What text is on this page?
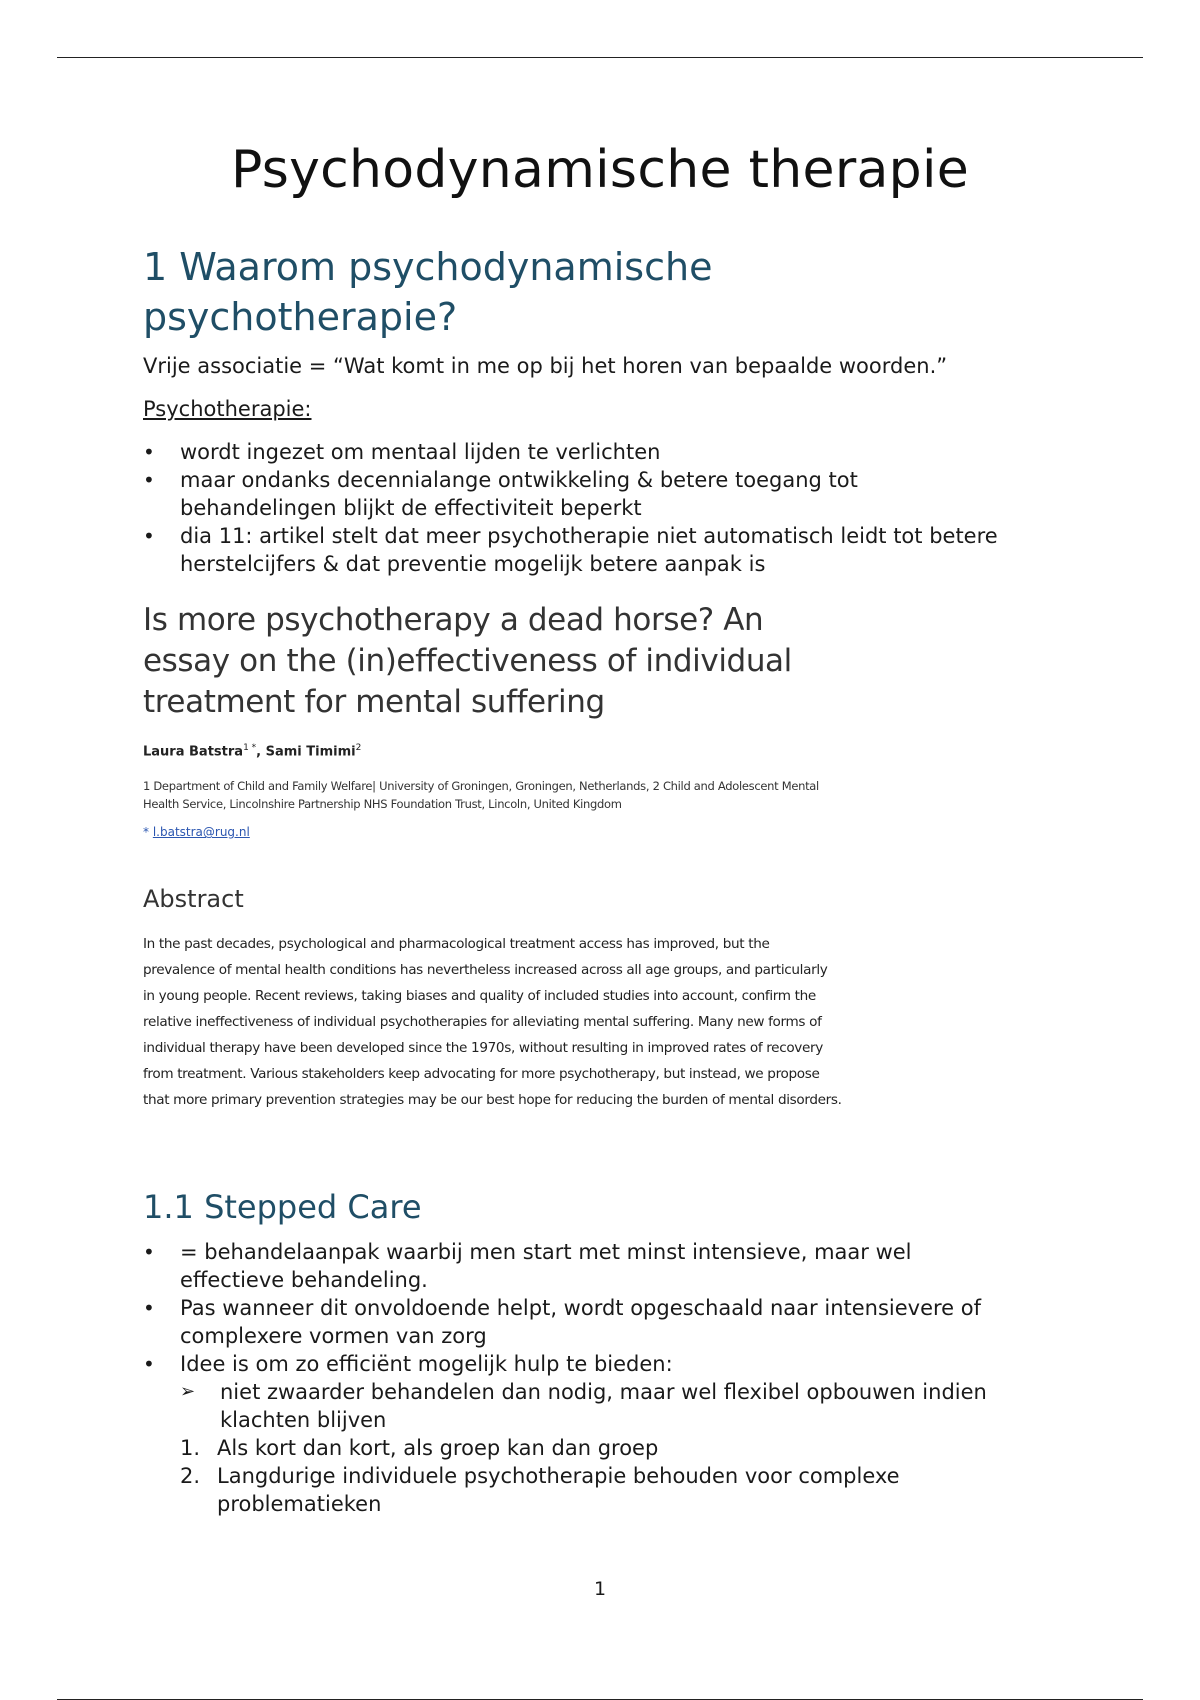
Psychodynamische therapie
1 Waarom psychodynamische psychotherapie?
Vrije associatie = “Wat komt in me op bij het horen van bepaalde woorden.”
Psychotherapie:
• wordt ingezet om mentaal lijden te verlichten
• maar ondanks decennialange ontwikkeling & betere toegang tot behandelingen blijkt de effectiviteit beperkt
• dia 11: artikel stelt dat meer psychotherapie niet automatisch leidt tot betere herstelcijfers & dat preventie mogelijk betere aanpak is
Is more psychotherapy a dead horse? An essay on the (in)effectiveness of individual treatment for mental suffering
Laura Batstra$^{1 *}$, Sami Timimi$^2$
1 Department of Child and Family Welfare| University of Groningen, Groningen, Netherlands, 2 Child and Adolescent Mental Health Service, Lincolnshire Partnership NHS Foundation Trust, Lincoln, United Kingdom
* l.batstra@rug.nl
Abstract
In the past decades, psychological and pharmacological treatment access has improved, but the prevalence of mental health conditions has nevertheless increased across all age groups, and particularly in young people. Recent reviews, taking biases and quality of included studies into account, confirm the relative ineffectiveness of individual psychotherapies for alleviating mental suffering. Many new forms of individual therapy have been developed since the 1970s, without resulting in improved rates of recovery from treatment. Various stakeholders keep advocating for more psychotherapy, but instead, we propose that more primary prevention strategies may be our best hope for reducing the burden of mental disorders.
1.1 Stepped Care
• = behandelaanpak waarbij men start met minst intensieve, maar wel effectieve behandeling.
• Pas wanneer dit onvoldoende helpt, wordt opgeschaald naar intensievere of complexere vormen van zorg
• Idee is om zo efficiënt mogelijk hulp te bieden:
➢ niet zwaarder behandelen dan nodig, maar wel flexibel opbouwen indien klachten blijven
1. Als kort dan kort, als groep kan dan groep
2. Langdurige individuele psychotherapie behouden voor complexe problematieken
1
